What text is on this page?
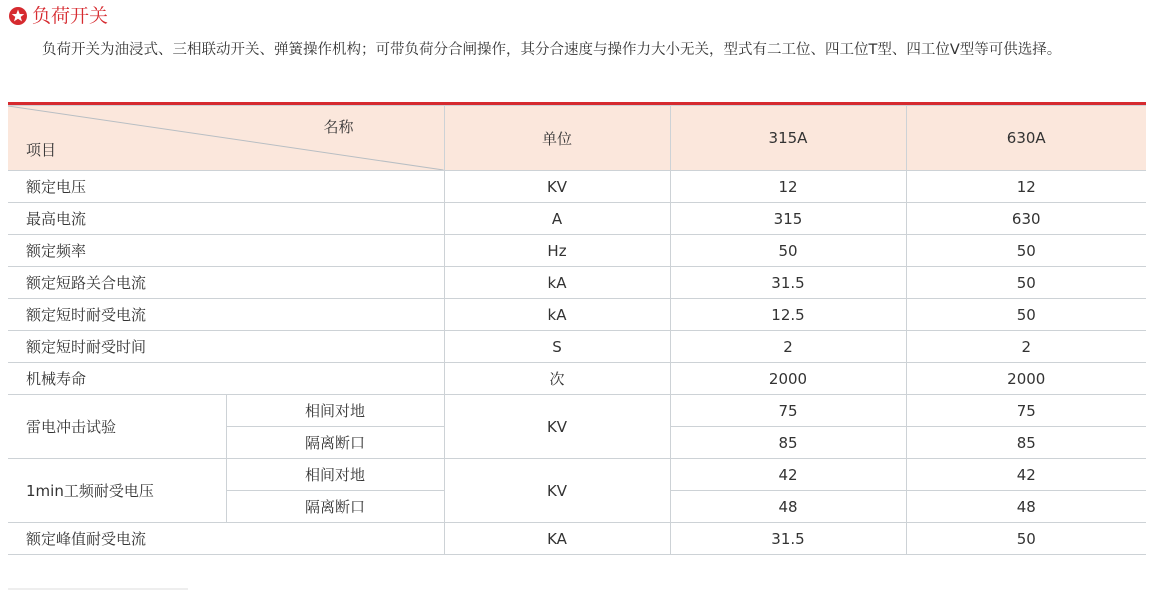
负荷开关
负荷开关为油浸式、三相联动开关、弹簧操作机构；可带负荷分合闸操作，其分合速度与操作力大小无关，型式有二工位、四工位T型、四工位V型等可供选择。
名称
项目		单位	315A	630A
额定电压		KV	12	12
最高电流		A	315	630
额定频率		Hz	50	50
额定短路关合电流		kA	31.5	50
额定短时耐受电流		kA	12.5	50
额定短时耐受时间		S	2	2
机械寿命		次	2000	2000
雷电冲击试验	相间对地	KV	75	75
	隔离断口		85	85
1min工频耐受电压	相间对地	KV	42	42
	隔离断口		48	48
额定峰值耐受电流		KA	31.5	50
